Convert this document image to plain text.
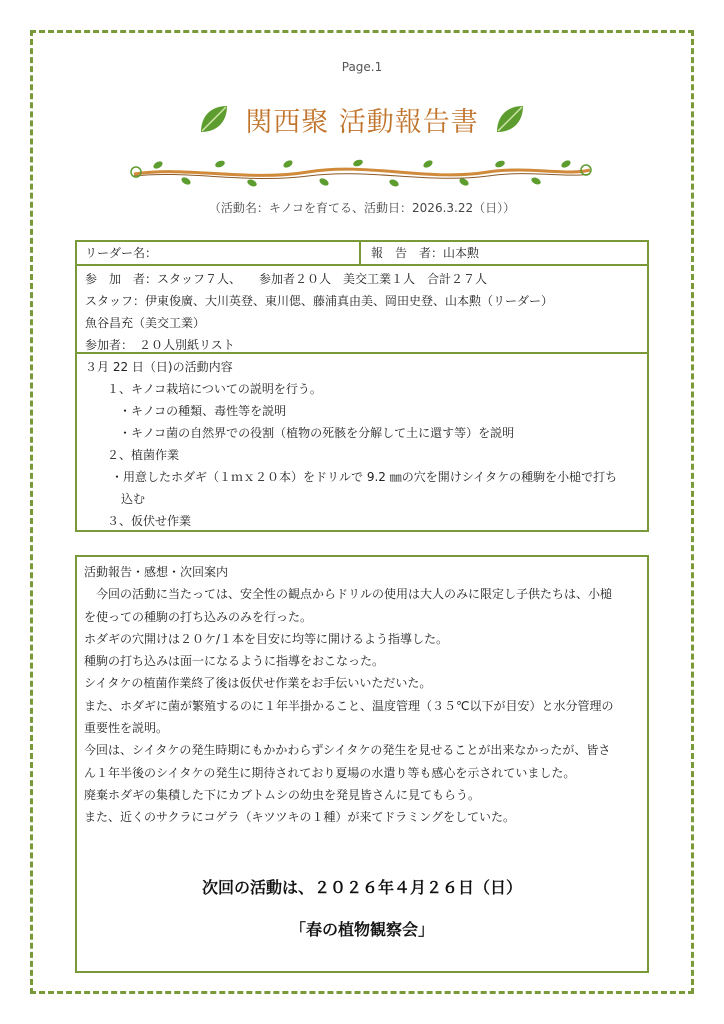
Page.1
関西聚 活動報告書
（活動名：キノコを育てる、活動日：2026.3.22（日））
リーダー名：	報　告　者：山本勲
参　加　者：スタッフ７人、　　参加者２０人　美交工業１人　合計２７人
スタッフ：伊東俊廣、大川英登、東川偲、藤浦真由美、岡田史登、山本勲（リーダー）
魚谷昌充（美交工業）
参加者：　２０人別紙リスト
３月 22 日（日)の活動内容
１、キノコ栽培についての説明を行う。
・キノコの種類、毒性等を説明
・キノコ菌の自然界での役割（植物の死骸を分解して土に還す等）を説明
２、植菌作業
・用意したホダギ（１ｍｘ２０本）をドリルで 9.2 ㎜の穴を開けシイタケの種駒を小槌で打ち
込む
３、仮伏せ作業
活動報告・感想・次回案内
　今回の活動に当たっては、安全性の観点からドリルの使用は大人のみに限定し子供たちは、小槌
を使っての種駒の打ち込みのみを行った。
ホダギの穴開けは２０ケ/１本を目安に均等に開けるよう指導した。
種駒の打ち込みは面一になるように指導をおこなった。
シイタケの植菌作業終了後は仮伏せ作業をお手伝いいただいた。
また、ホダギに菌が繁殖するのに１年半掛かること、温度管理（３５℃以下が目安）と水分管理の
重要性を説明。
今回は、シイタケの発生時期にもかかわらずシイタケの発生を見せることが出来なかったが、皆さ
ん１年半後のシイタケの発生に期待されており夏場の水遣り等も感心を示されていました。
廃棄ホダギの集積した下にカブトムシの幼虫を発見皆さんに見てもらう。
また、近くのサクラにコゲラ（キツツキの１種）が来てドラミングをしていた。
次回の活動は、２０２６年４月２６日（日）
「春の植物観察会」
